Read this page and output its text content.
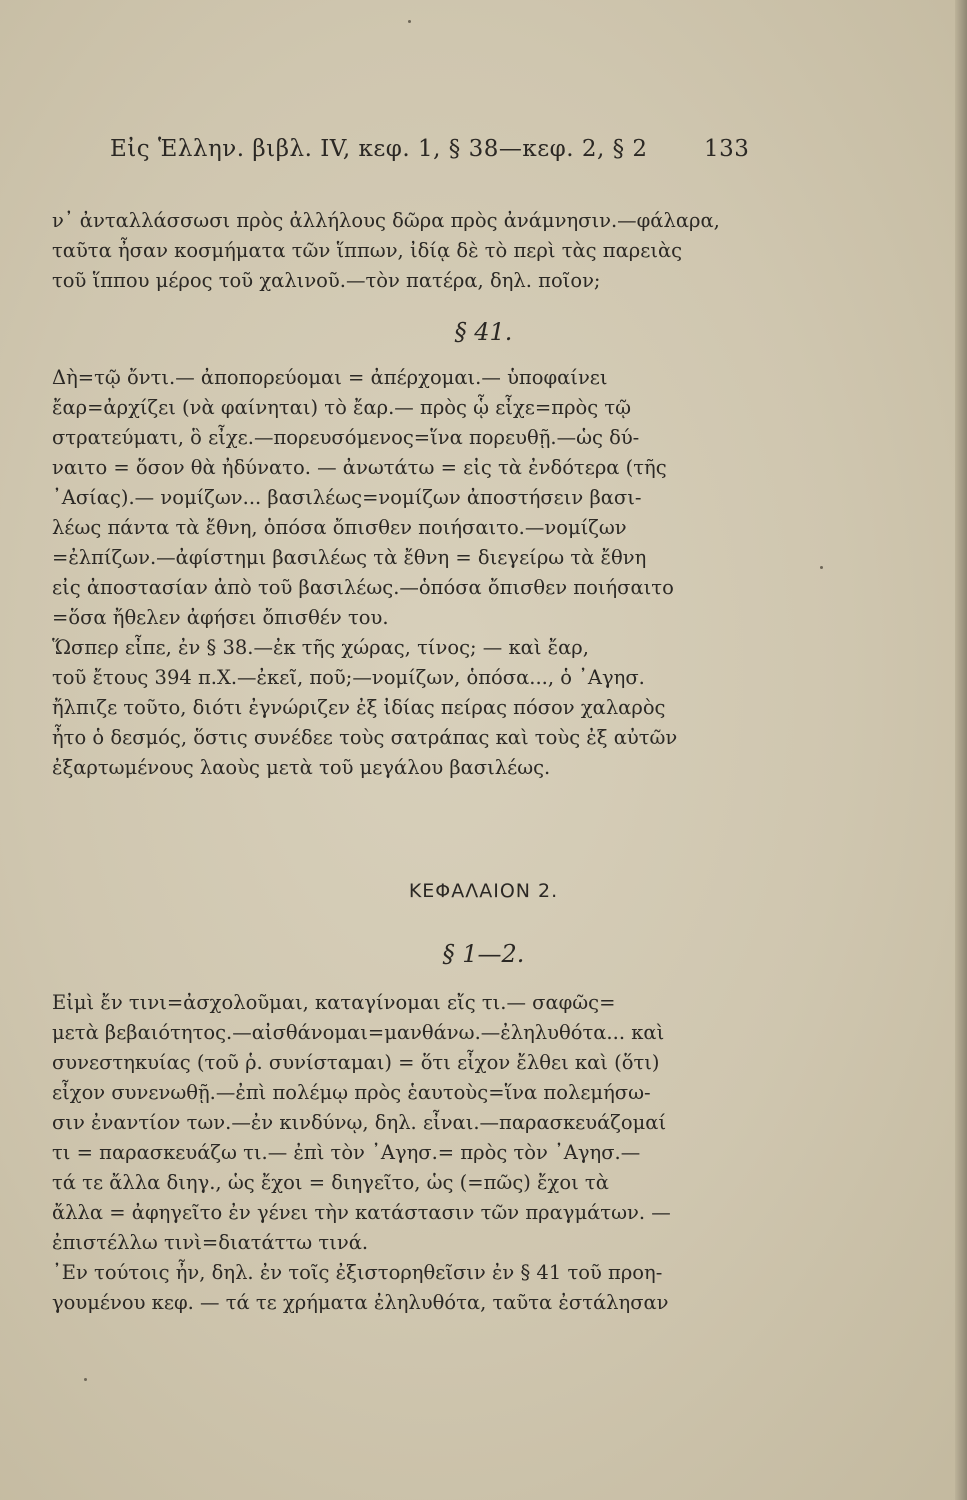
Εἰς Ἑλλην. βιβλ. IV, κεφ. 1, § 38—κεφ. 2, § 2 133
ν᾽ ἀνταλλάσσωσι πρὸς ἀλλήλους δῶρα πρὸς ἀνάμνησιν.—φάλαρα,
ταῦτα ἦσαν κοσμήματα τῶν ἵππων, ἰδίᾳ δὲ τὸ περὶ τὰς παρειὰς
τοῦ ἵππου μέρος τοῦ χαλινοῦ.—τὸν πατέρα, δηλ. ποῖον;
§ 41.
Δὴ=τῷ ὄντι.— ἀποπορεύομαι = ἀπέρχομαι.— ὑποφαίνει
ἔαρ=ἀρχίζει (νὰ φαίνηται) τὸ ἔαρ.— πρὸς ᾧ εἶχε=πρὸς τῷ
στρατεύματι, ὃ εἶχε.—πορευσόμενος=ἵνα πορευθῇ.—ὡς δύ-
ναιτο = ὅσον θὰ ἠδύνατο. — ἀνωτάτω = εἰς τὰ ἐνδότερα (τῆς
᾿Ασίας).— νομίζων... βασιλέως=νομίζων ἀποστήσειν βασι-
λέως πάντα τὰ ἔθνη, ὁπόσα ὄπισθεν ποιήσαιτο.—νομίζων
=ἐλπίζων.—ἀφίστημι βασιλέως τὰ ἔθνη = διεγείρω τὰ ἔθνη
εἰς ἀποστασίαν ἀπὸ τοῦ βασιλέως.—ὁπόσα ὄπισθεν ποιήσαιτο
=ὅσα ἤθελεν ἀφήσει ὄπισθέν του.
Ὥσπερ εἶπε, ἐν § 38.—ἐκ τῆς χώρας, τίνος; — καὶ ἔαρ,
τοῦ ἔτους 394 π.Χ.—ἐκεῖ, ποῦ;—νομίζων, ὁπόσα..., ὁ ᾿Αγησ.
ἤλπιζε τοῦτο, διότι ἐγνώριζεν ἐξ ἰδίας πείρας πόσον χαλαρὸς
ἦτο ὁ δεσμός, ὅστις συνέδεε τοὺς σατράπας καὶ τοὺς ἐξ αὐτῶν
ἐξαρτωμένους λαοὺς μετὰ τοῦ μεγάλου βασιλέως.
ΚΕΦΑΛΑΙΟΝ 2.
§ 1—2.
Εἰμὶ ἔν τινι=ἀσχολοῦμαι, καταγίνομαι εἴς τι.— σαφῶς=
μετὰ βεβαιότητος.—αἰσθάνομαι=μανθάνω.—ἐληλυθότα... καὶ
συνεστηκυίας (τοῦ ῥ. συνίσταμαι) = ὅτι εἶχον ἔλθει καὶ (ὅτι)
εἶχον συνενωθῇ.—ἐπὶ πολέμῳ πρὸς ἑαυτοὺς=ἵνα πολεμήσω-
σιν ἐναντίον των.—ἐν κινδύνῳ, δηλ. εἶναι.—παρασκευάζομαί
τι = παρασκευάζω τι.— ἐπὶ τὸν ᾿Αγησ.= πρὸς τὸν ᾿Αγησ.—
τά τε ἄλλα διηγ., ὡς ἔχοι = διηγεῖτο, ὡς (=πῶς) ἔχοι τὰ
ἄλλα = ἀφηγεῖτο ἐν γένει τὴν κατάστασιν τῶν πραγμάτων. —
ἐπιστέλλω τινὶ=διατάττω τινά.
᾿Εν τούτοις ἦν, δηλ. ἐν τοῖς ἐξιστορηθεῖσιν ἐν § 41 τοῦ προη-
γουμένου κεφ. — τά τε χρήματα ἐληλυθότα, ταῦτα ἐστάλησαν
